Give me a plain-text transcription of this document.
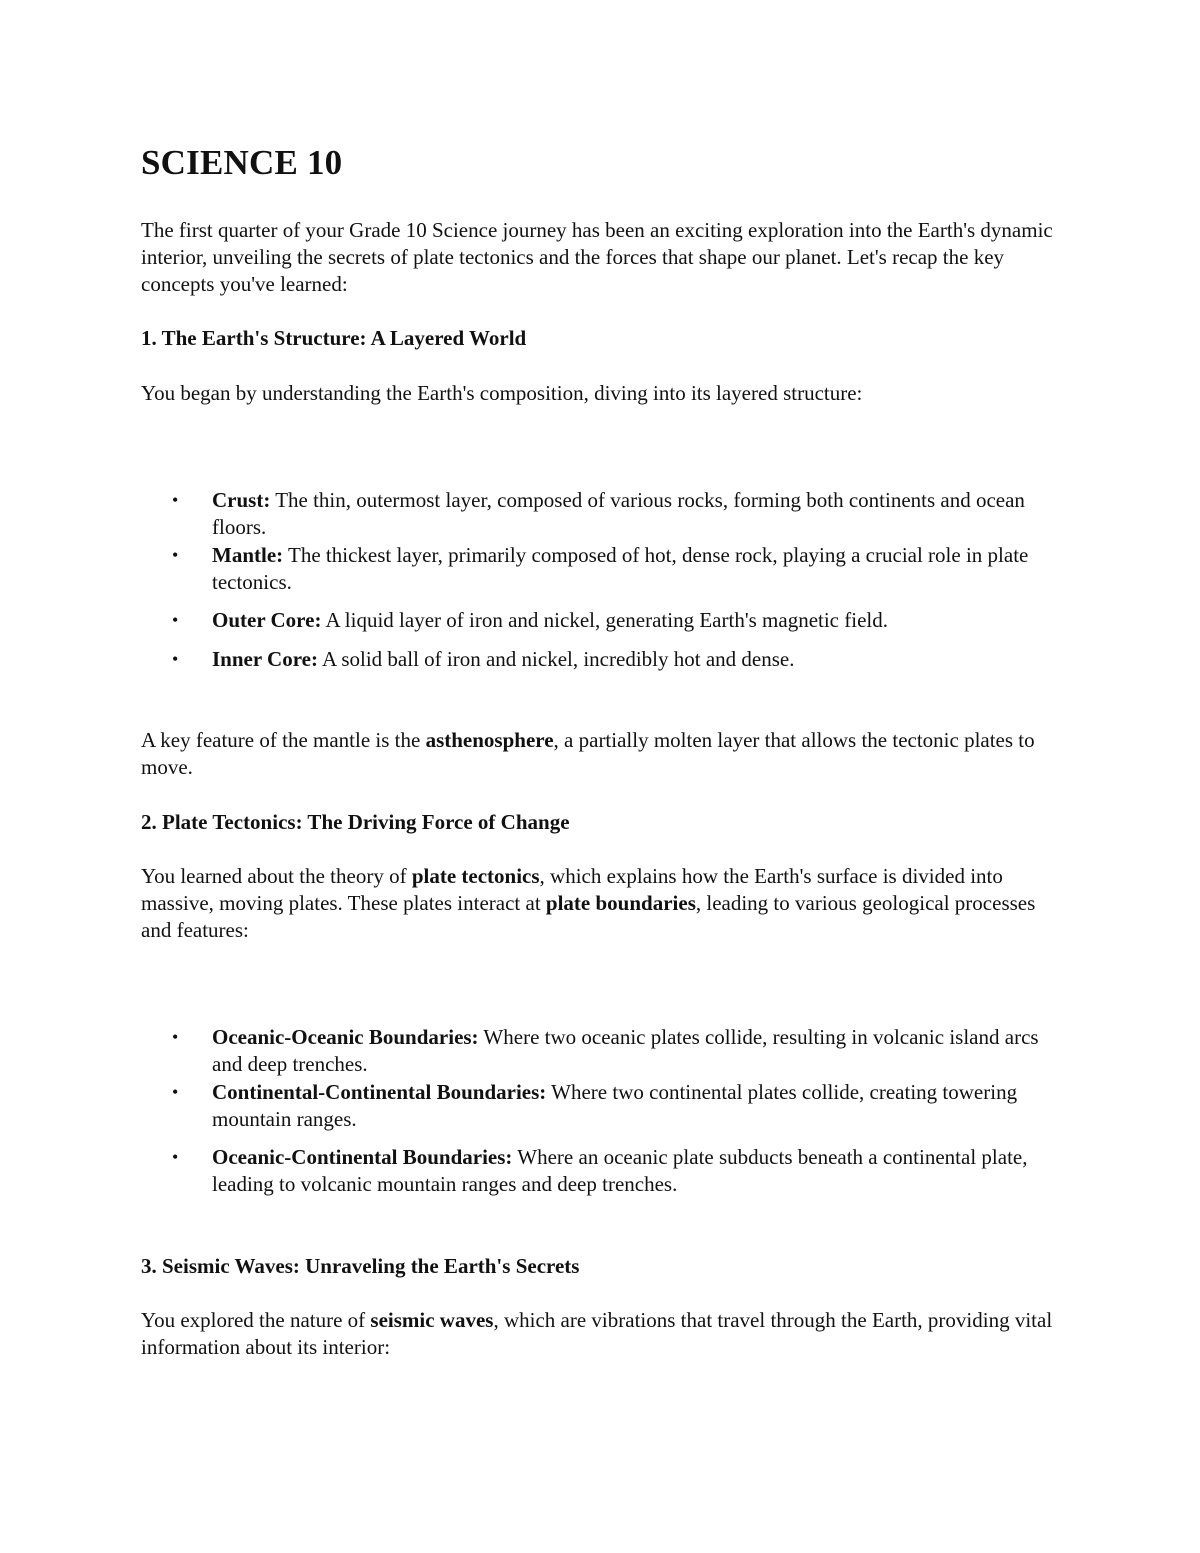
SCIENCE 10

The first quarter of your Grade 10 Science journey has been an exciting exploration into the Earth's dynamic interior, unveiling the secrets of plate tectonics and the forces that shape our planet. Let's recap the key concepts you've learned:

1. The Earth's Structure: A Layered World

You began by understanding the Earth's composition, diving into its layered structure:

• Crust: The thin, outermost layer, composed of various rocks, forming both continents and ocean floors.
• Mantle: The thickest layer, primarily composed of hot, dense rock, playing a crucial role in plate tectonics.
• Outer Core: A liquid layer of iron and nickel, generating Earth's magnetic field.
• Inner Core: A solid ball of iron and nickel, incredibly hot and dense.

A key feature of the mantle is the asthenosphere, a partially molten layer that allows the tectonic plates to move.

2. Plate Tectonics: The Driving Force of Change

You learned about the theory of plate tectonics, which explains how the Earth's surface is divided into massive, moving plates. These plates interact at plate boundaries, leading to various geological processes and features:

• Oceanic-Oceanic Boundaries: Where two oceanic plates collide, resulting in volcanic island arcs and deep trenches.
• Continental-Continental Boundaries: Where two continental plates collide, creating towering mountain ranges.
• Oceanic-Continental Boundaries: Where an oceanic plate subducts beneath a continental plate, leading to volcanic mountain ranges and deep trenches.
3. Seismic Waves: Unraveling the Earth's Secrets

You explored the nature of seismic waves, which are vibrations that travel through the Earth, providing vital information about its interior:
